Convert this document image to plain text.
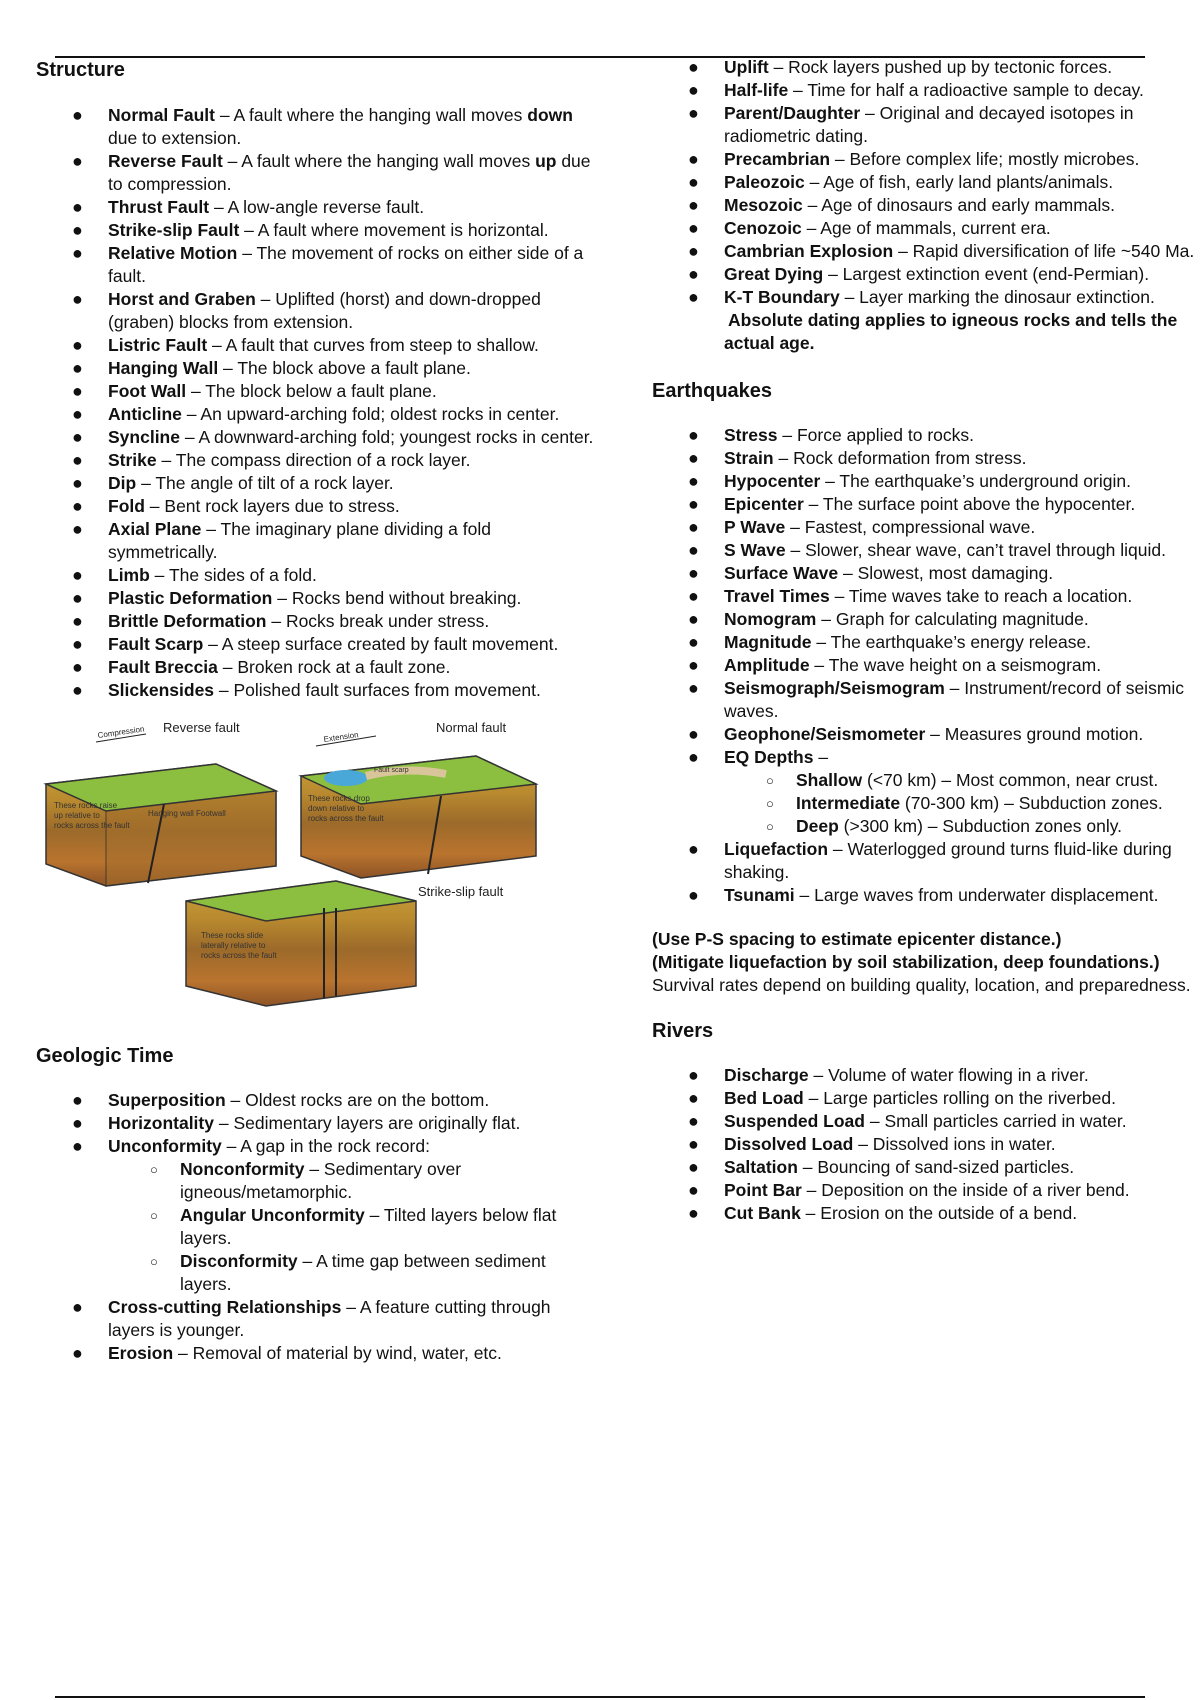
Structure
● Normal Fault – A fault where the hanging wall moves down due to extension.
● Reverse Fault – A fault where the hanging wall moves up due to compression.
● Thrust Fault – A low-angle reverse fault.
● Strike-slip Fault – A fault where movement is horizontal.
● Relative Motion – The movement of rocks on either side of a fault.
● Horst and Graben – Uplifted (horst) and down-dropped (graben) blocks from extension.
● Listric Fault – A fault that curves from steep to shallow.
● Hanging Wall – The block above a fault plane.
● Foot Wall – The block below a fault plane.
● Anticline – An upward-arching fold; oldest rocks in center.
● Syncline – A downward-arching fold; youngest rocks in center.
● Strike – The compass direction of a rock layer.
● Dip – The angle of tilt of a rock layer.
● Fold – Bent rock layers due to stress.
● Axial Plane – The imaginary plane dividing a fold symmetrically.
● Limb – The sides of a fold.
● Plastic Deformation – Rocks bend without breaking.
● Brittle Deformation – Rocks break under stress.
● Fault Scarp – A steep surface created by fault movement.
● Fault Breccia – Broken rock at a fault zone.
● Slickensides – Polished fault surfaces from movement.
Compression Reverse fault
Hanging wall Footwall
These rocks raise
up relative to
rocks across the fault
Extension
Normal fault
Fault scarp
These rocks drop
down relative to
rocks across the fault
Strike-slip fault
These rocks slide
laterally relative to
rocks across the fault
Geologic Time
● Superposition – Oldest rocks are on the bottom.
● Horizontality – Sedimentary layers are originally flat.
● Unconformity – A gap in the rock record:
○ Nonconformity – Sedimentary over igneous/metamorphic.
○ Angular Unconformity – Tilted layers below flat layers.
○ Disconformity – A time gap between sediment layers.
● Cross-cutting Relationships – A feature cutting through layers is younger.
● Erosion – Removal of material by wind, water, etc.
● Uplift – Rock layers pushed up by tectonic forces.
● Half-life – Time for half a radioactive sample to decay.
● Parent/Daughter – Original and decayed isotopes in radiometric dating.
● Precambrian – Before complex life; mostly microbes.
● Paleozoic – Age of fish, early land plants/animals.
● Mesozoic – Age of dinosaurs and early mammals.
● Cenozoic – Age of mammals, current era.
● Cambrian Explosion – Rapid diversification of life ~540 Ma.
● Great Dying – Largest extinction event (end-Permian).
● K-T Boundary – Layer marking the dinosaur extinction.
Absolute dating applies to igneous rocks and tells the actual age.
Earthquakes
● Stress – Force applied to rocks.
● Strain – Rock deformation from stress.
● Hypocenter – The earthquake’s underground origin.
● Epicenter – The surface point above the hypocenter.
● P Wave – Fastest, compressional wave.
● S Wave – Slower, shear wave, can’t travel through liquid.
● Surface Wave – Slowest, most damaging.
● Travel Times – Time waves take to reach a location.
● Nomogram – Graph for calculating magnitude.
● Magnitude – The earthquake’s energy release.
● Amplitude – The wave height on a seismogram.
● Seismograph/Seismogram – Instrument/record of seismic waves.
● Geophone/Seismometer – Measures ground motion.
● EQ Depths –
○ Shallow (<70 km) – Most common, near crust.
○ Intermediate (70-300 km) – Subduction zones.
○ Deep (>300 km) – Subduction zones only.
● Liquefaction – Waterlogged ground turns fluid-like during shaking.
● Tsunami – Large waves from underwater displacement.
(Use P-S spacing to estimate epicenter distance.)
(Mitigate liquefaction by soil stabilization, deep foundations.)
Survival rates depend on building quality, location, and preparedness.
Rivers
● Discharge – Volume of water flowing in a river.
● Bed Load – Large particles rolling on the riverbed.
● Suspended Load – Small particles carried in water.
● Dissolved Load – Dissolved ions in water.
● Saltation – Bouncing of sand-sized particles.
● Point Bar – Deposition on the inside of a river bend.
● Cut Bank – Erosion on the outside of a bend.
